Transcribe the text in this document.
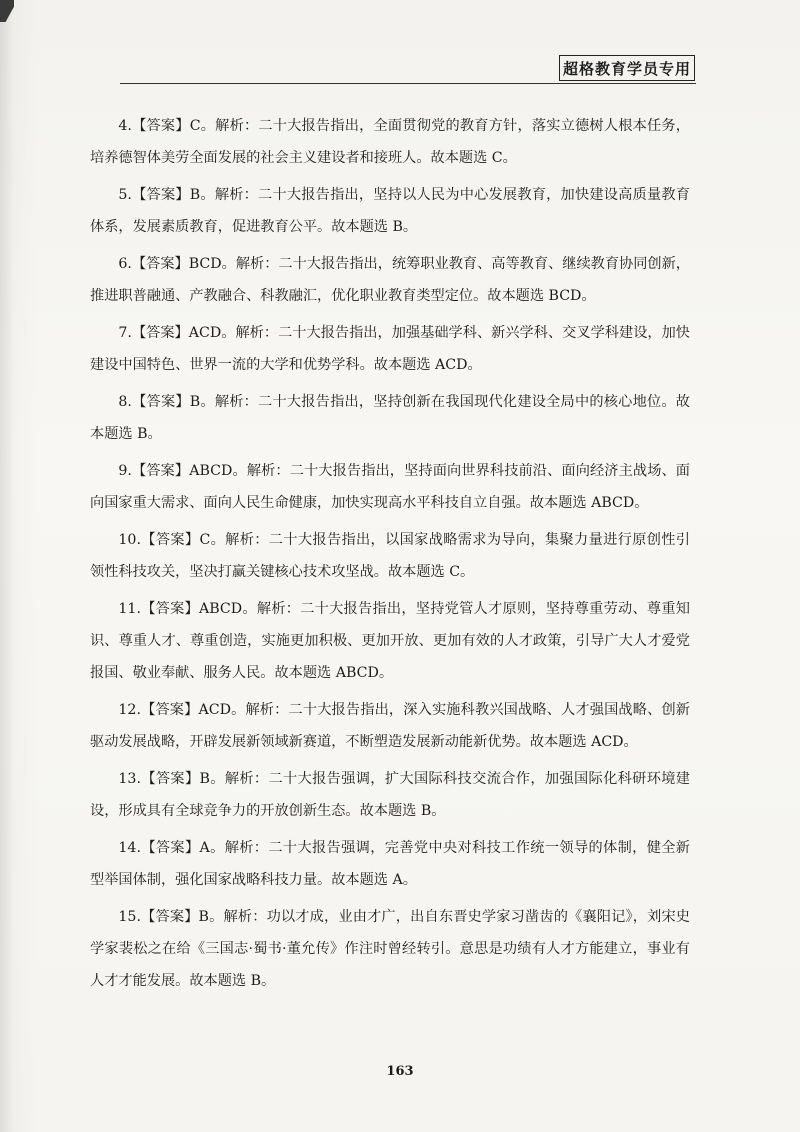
超格教育学员专用

4.【答案】C。解析：二十大报告指出，全面贯彻党的教育方针，落实立德树人根本任务，培养德智体美劳全面发展的社会主义建设者和接班人。故本题选 C。

5.【答案】B。解析：二十大报告指出，坚持以人民为中心发展教育，加快建设高质量教育体系，发展素质教育，促进教育公平。故本题选 B。

6.【答案】BCD。解析：二十大报告指出，统筹职业教育、高等教育、继续教育协同创新，推进职普融通、产教融合、科教融汇，优化职业教育类型定位。故本题选 BCD。

7.【答案】ACD。解析：二十大报告指出，加强基础学科、新兴学科、交叉学科建设，加快建设中国特色、世界一流的大学和优势学科。故本题选 ACD。

8.【答案】B。解析：二十大报告指出，坚持创新在我国现代化建设全局中的核心地位。故本题选 B。

9.【答案】ABCD。解析：二十大报告指出，坚持面向世界科技前沿、面向经济主战场、面向国家重大需求、面向人民生命健康，加快实现高水平科技自立自强。故本题选 ABCD。

10.【答案】C。解析：二十大报告指出，以国家战略需求为导向，集聚力量进行原创性引领性科技攻关，坚决打赢关键核心技术攻坚战。故本题选 C。

11.【答案】ABCD。解析：二十大报告指出，坚持党管人才原则，坚持尊重劳动、尊重知识、尊重人才、尊重创造，实施更加积极、更加开放、更加有效的人才政策，引导广大人才爱党报国、敬业奉献、服务人民。故本题选 ABCD。

12.【答案】ACD。解析：二十大报告指出，深入实施科教兴国战略、人才强国战略、创新驱动发展战略，开辟发展新领域新赛道，不断塑造发展新动能新优势。故本题选 ACD。

13.【答案】B。解析：二十大报告强调，扩大国际科技交流合作，加强国际化科研环境建设，形成具有全球竞争力的开放创新生态。故本题选 B。

14.【答案】A。解析：二十大报告强调，完善党中央对科技工作统一领导的体制，健全新型举国体制，强化国家战略科技力量。故本题选 A。

15.【答案】B。解析：功以才成，业由才广，出自东晋史学家习凿齿的《襄阳记》，刘宋史学家裴松之在给《三国志·蜀书·董允传》作注时曾经转引。意思是功绩有人才方能建立，事业有人才才能发展。故本题选 B。

163
